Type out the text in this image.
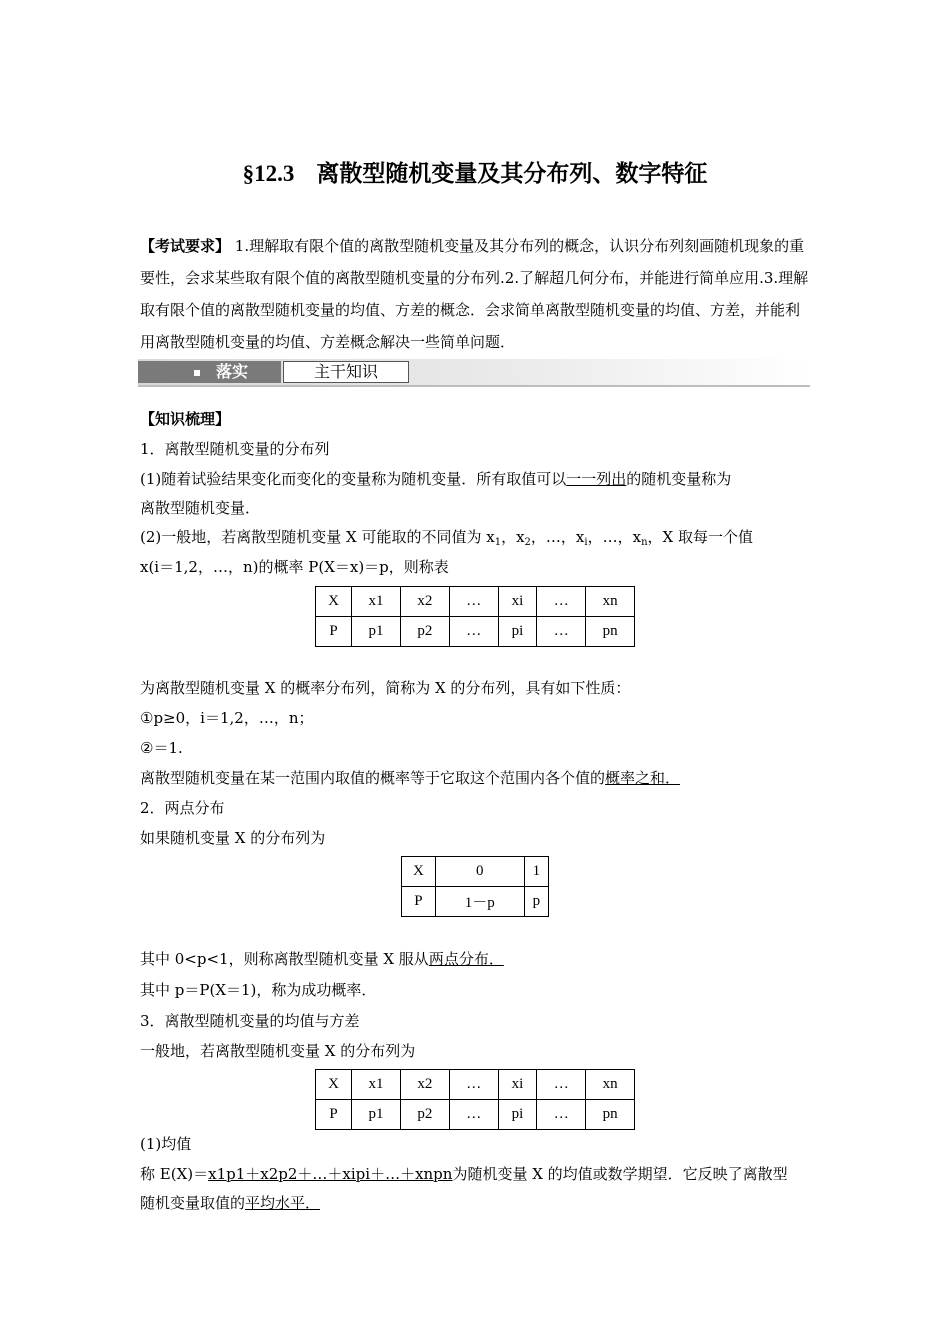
§12.3 离散型随机变量及其分布列、数字特征
【考试要求】 1.理解取有限个值的离散型随机变量及其分布列的概念，认识分布列刻画随机现象的重要性，会求某些取有限个值的离散型随机变量的分布列.2.了解超几何分布，并能进行简单应用.3.理解取有限个值的离散型随机变量的均值、方差的概念．会求简单离散型随机变量的均值、方差，并能利用离散型随机变量的均值、方差概念解决一些简单问题．
落实	主干知识
【知识梳理】
1．离散型随机变量的分布列
(1)随着试验结果变化而变化的变量称为随机变量．所有取值可以一一列出的随机变量称为
离散型随机变量．
(2)一般地，若离散型随机变量 X 可能取的不同值为 $x_1$，$x_2$，…，$x_i$，…，$x_n$，X 取每一个值
x(i＝1,2，…，n)的概率 P(X＝x)＝p，则称表
X	x1	x2	…	xi	…	xn
P	p1	p2	…	pi	…	pn
为离散型随机变量 X 的概率分布列，简称为 X 的分布列，具有如下性质：
①p≥0，i＝1,2，…，n；
②＝1.
离散型随机变量在某一范围内取值的概率等于它取这个范围内各个值的概率之和．
2．两点分布
如果随机变量 X 的分布列为
X	0	1
P	1－p	p
其中 0<p<1，则称离散型随机变量 X 服从两点分布．
其中 p＝P(X＝1)，称为成功概率．
3．离散型随机变量的均值与方差
一般地，若离散型随机变量 X 的分布列为
X	x1	x2	…	xi	…	xn
P	p1	p2	…	pi	…	pn
(1)均值
称 E(X)＝x1p1＋x2p2＋…＋xipi＋…＋xnpn为随机变量 X 的均值或数学期望．它反映了离散型
随机变量取值的平均水平．
